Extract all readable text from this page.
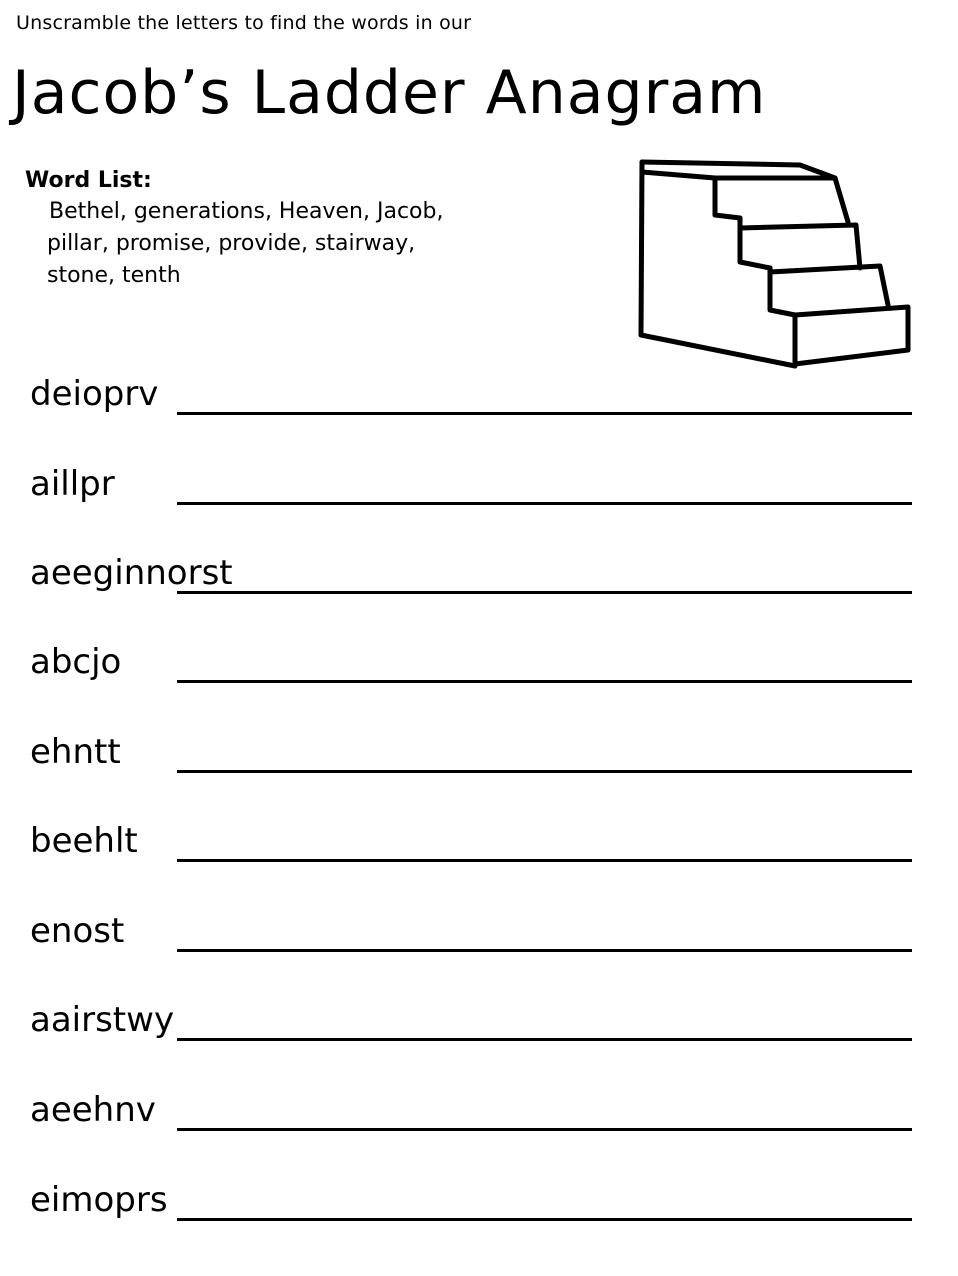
Unscramble the letters to find the words in our
Jacob’s Ladder Anagram
Word List:
Bethel, generations, Heaven, Jacob,
pillar, promise, provide, stairway,
stone, tenth
deioprv
aillpr
aeeginnorst
abcjo
ehntt
beehlt
enost
aairstwy
aeehnv
eimoprs
